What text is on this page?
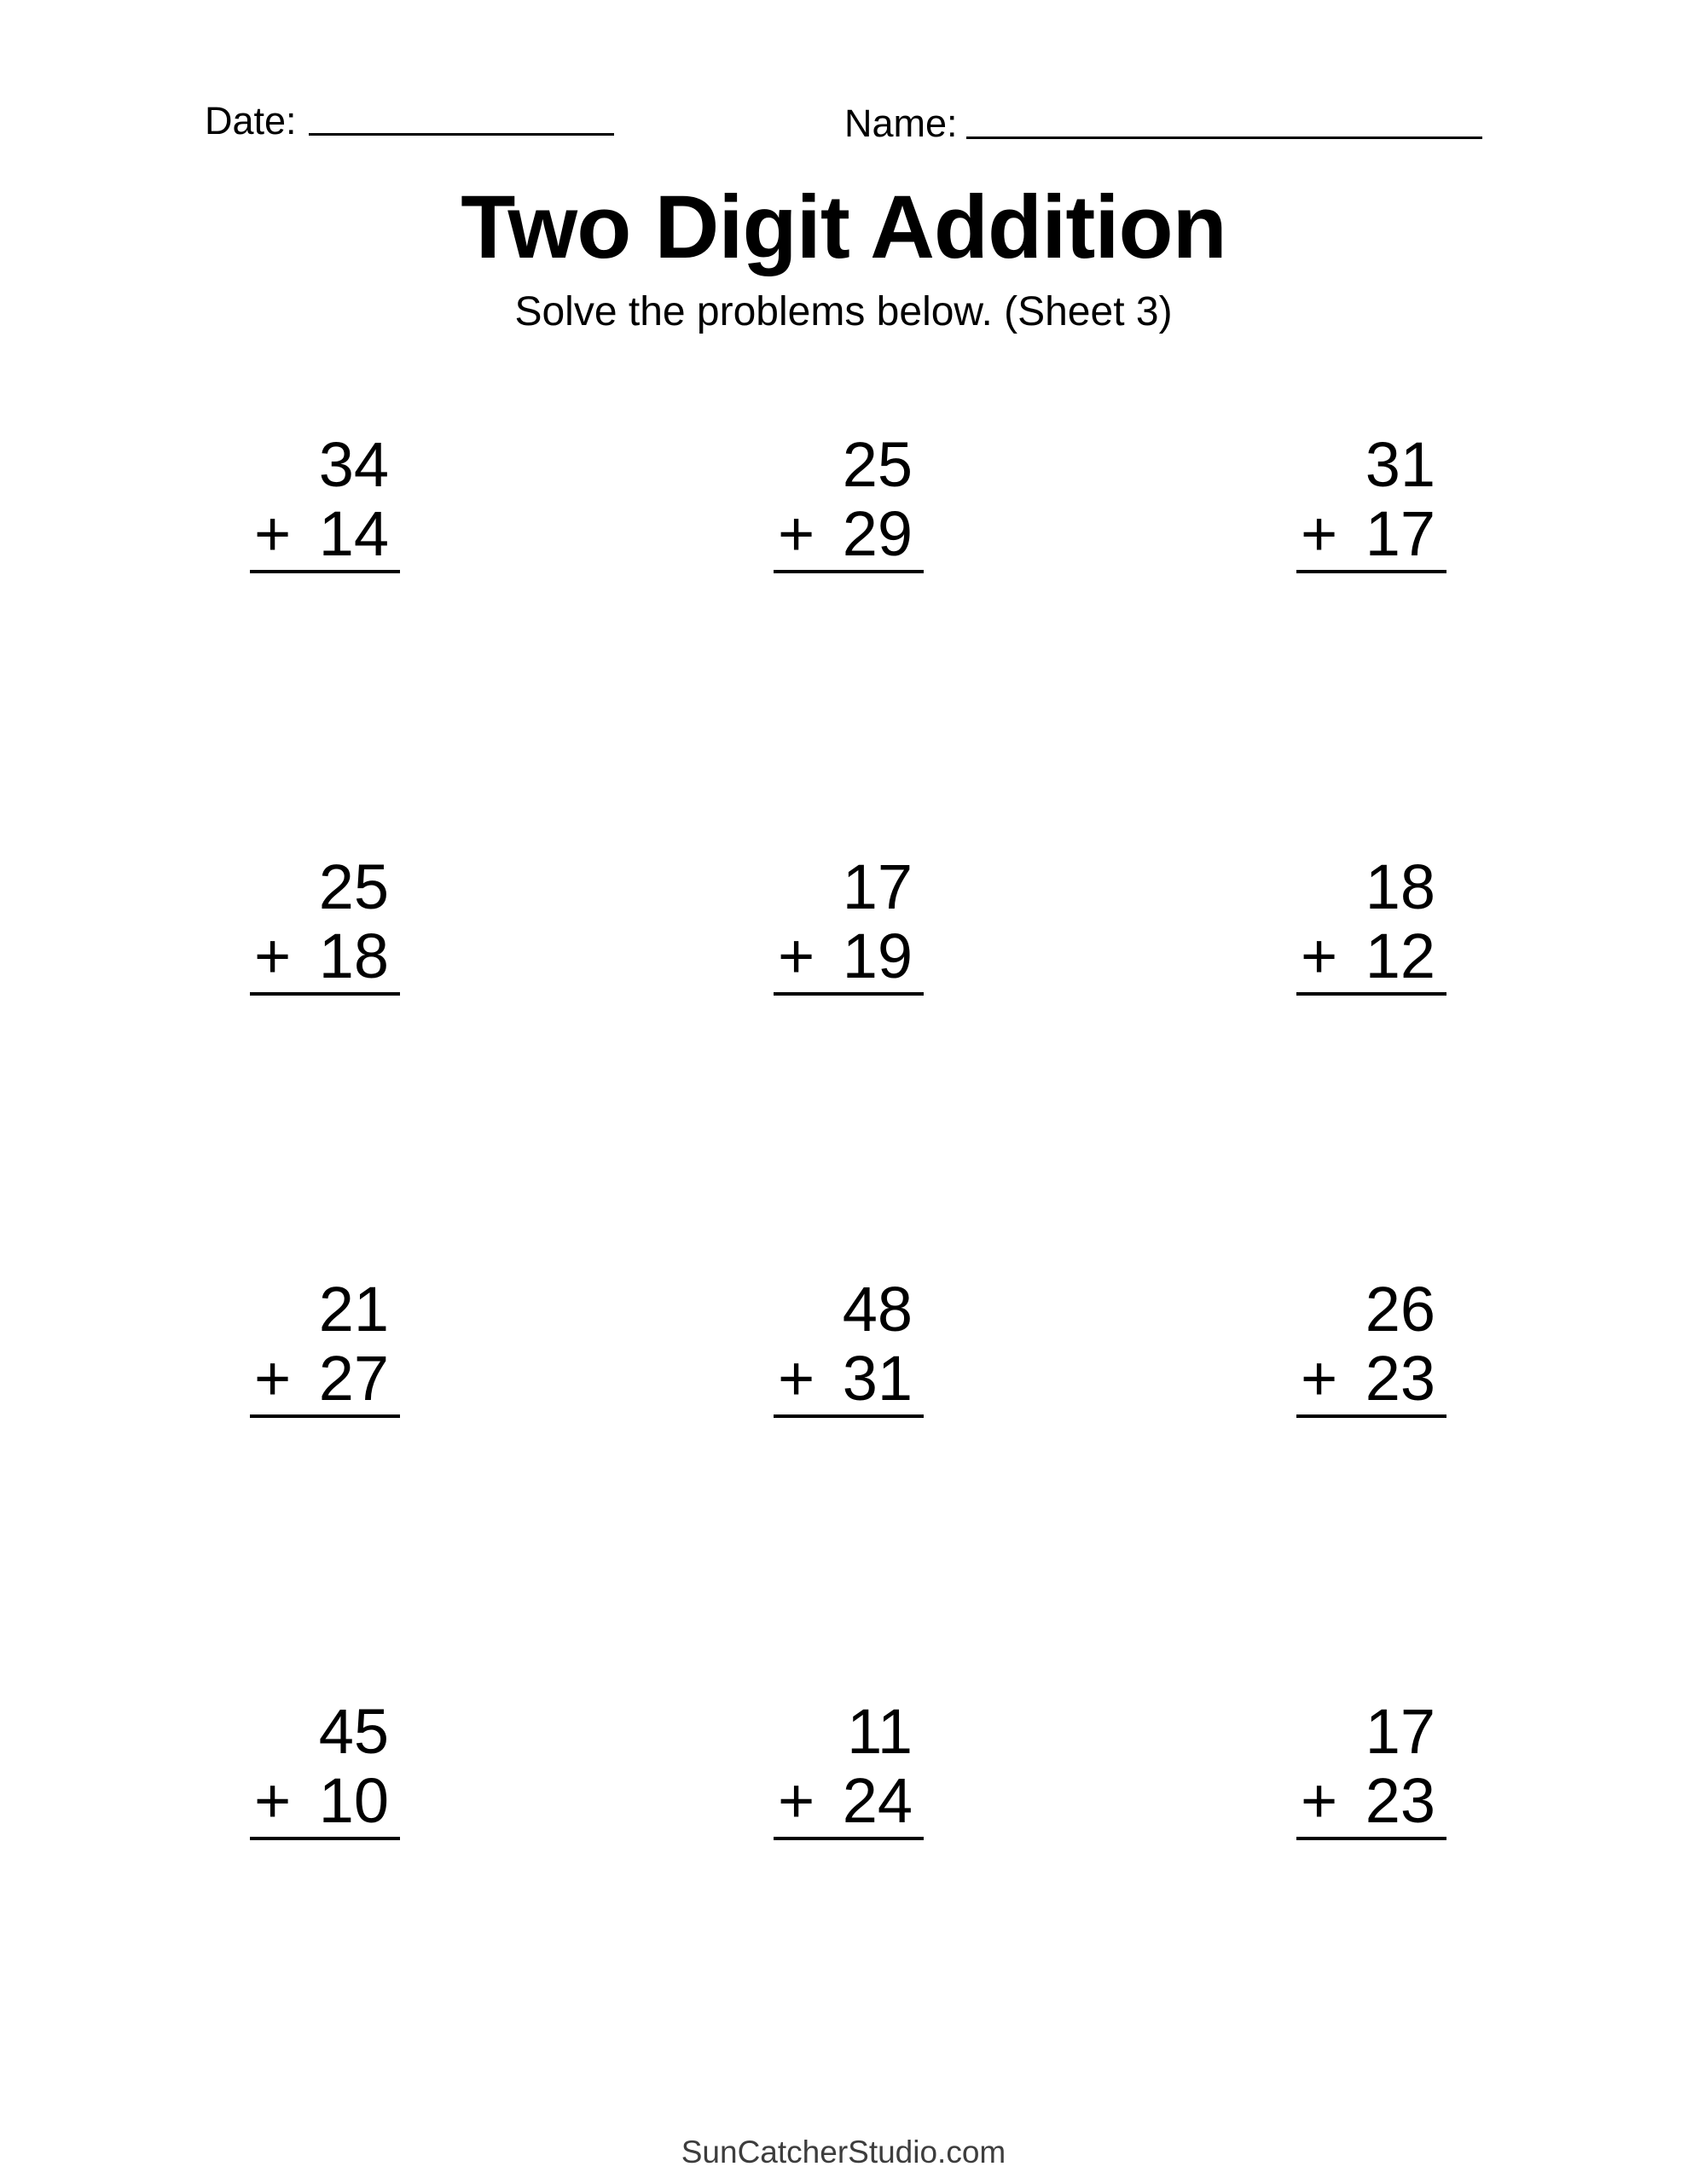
Date:	Name:
Two Digit Addition
Solve the problems below. (Sheet 3)
34
+ 14
25
+ 29
31
+ 17
25
+ 18
17
+ 19
18
+ 12
21
+ 27
48
+ 31
26
+ 23
45
+ 10
11
+ 24
17
+ 23
SunCatcherStudio.com
